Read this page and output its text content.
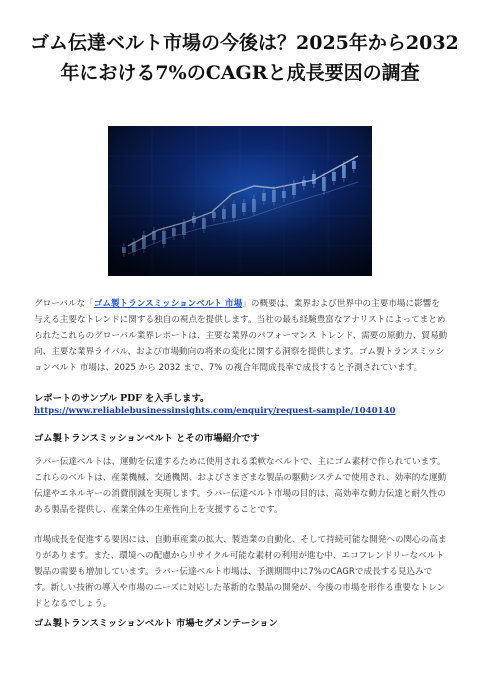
ゴム伝達ベルト市場の今後は？2025年から2032
年における7%のCAGRと成長要因の調査
グローバルな「ゴム製トランスミッションベルト 市場」の概要は、業界および世界中の主要市場に影響を与える主要なトレンドに関する独自の視点を提供します。当社の最も経験豊富なアナリストによってまとめられたこれらのグローバル業界レポートは、主要な業界のパフォーマンス トレンド、需要の原動力、貿易動向、主要な業界ライバル、および市場動向の将来の変化に関する洞察を提供します。ゴム製トランスミッションベルト 市場は、2025 から 2032 まで、7% の複合年間成長率で成長すると予測されています。
レポートのサンプル PDF を入手します。
https://www.reliablebusinessinsights.com/enquiry/request-sample/1040140
ゴム製トランスミッションベルト とその市場紹介です
ラバー伝達ベルトは、運動を伝達するために使用される柔軟なベルトで、主にゴム素材で作られています。これらのベルトは、産業機械、交通機関、およびさまざまな製品の駆動システムで使用され、効率的な運動伝達やエネルギーの消費削減を実現します。ラバー伝達ベルト市場の目的は、高効率な動力伝達と耐久性のある製品を提供し、産業全体の生産性向上を支援することです。
市場成長を促進する要因には、自動車産業の拡大、製造業の自動化、そして持続可能な開発への関心の高まりがあります。また、環境への配慮からリサイクル可能な素材の利用が進む中、エコフレンドリーなベルト製品の需要も増加しています。ラバー伝達ベルト市場は、予測期間中に7%のCAGRで成長する見込みです。新しい技術の導入や市場のニーズに対応した革新的な製品の開発が、今後の市場を形作る重要なトレンドとなるでしょう。
ゴム製トランスミッションベルト 市場セグメンテーション
